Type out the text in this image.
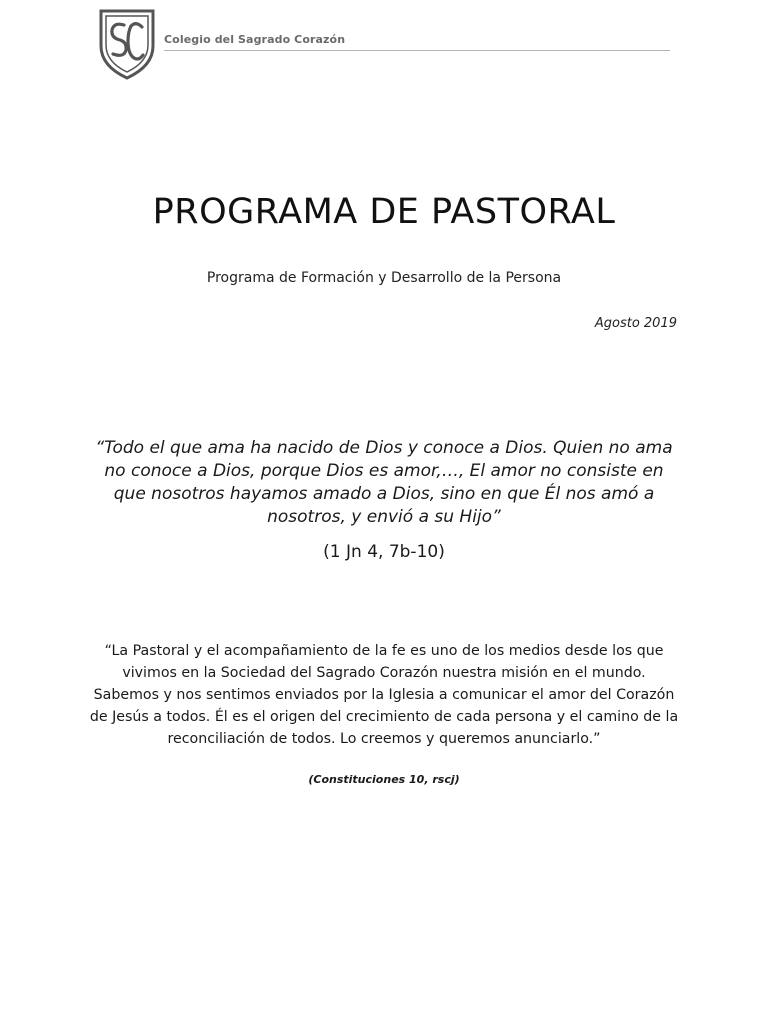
Colegio del Sagrado Corazón
PROGRAMA DE PASTORAL
Programa de Formación y Desarrollo de la Persona
Agosto 2019
“Todo el que ama ha nacido de Dios y conoce a Dios. Quien no ama no conoce a Dios, porque Dios es amor,…, El amor no consiste en que nosotros hayamos amado a Dios, sino en que Él nos amó a nosotros, y envió a su Hijo”
(1 Jn 4, 7b-10)
“La Pastoral y el acompañamiento de la fe es uno de los medios desde los que vivimos en la Sociedad del Sagrado Corazón nuestra misión en el mundo. Sabemos y nos sentimos enviados por la Iglesia a comunicar el amor del Corazón de Jesús a todos. Él es el origen del crecimiento de cada persona y el camino de la reconciliación de todos. Lo creemos y queremos anunciarlo.”
(Constituciones 10, rscj)
